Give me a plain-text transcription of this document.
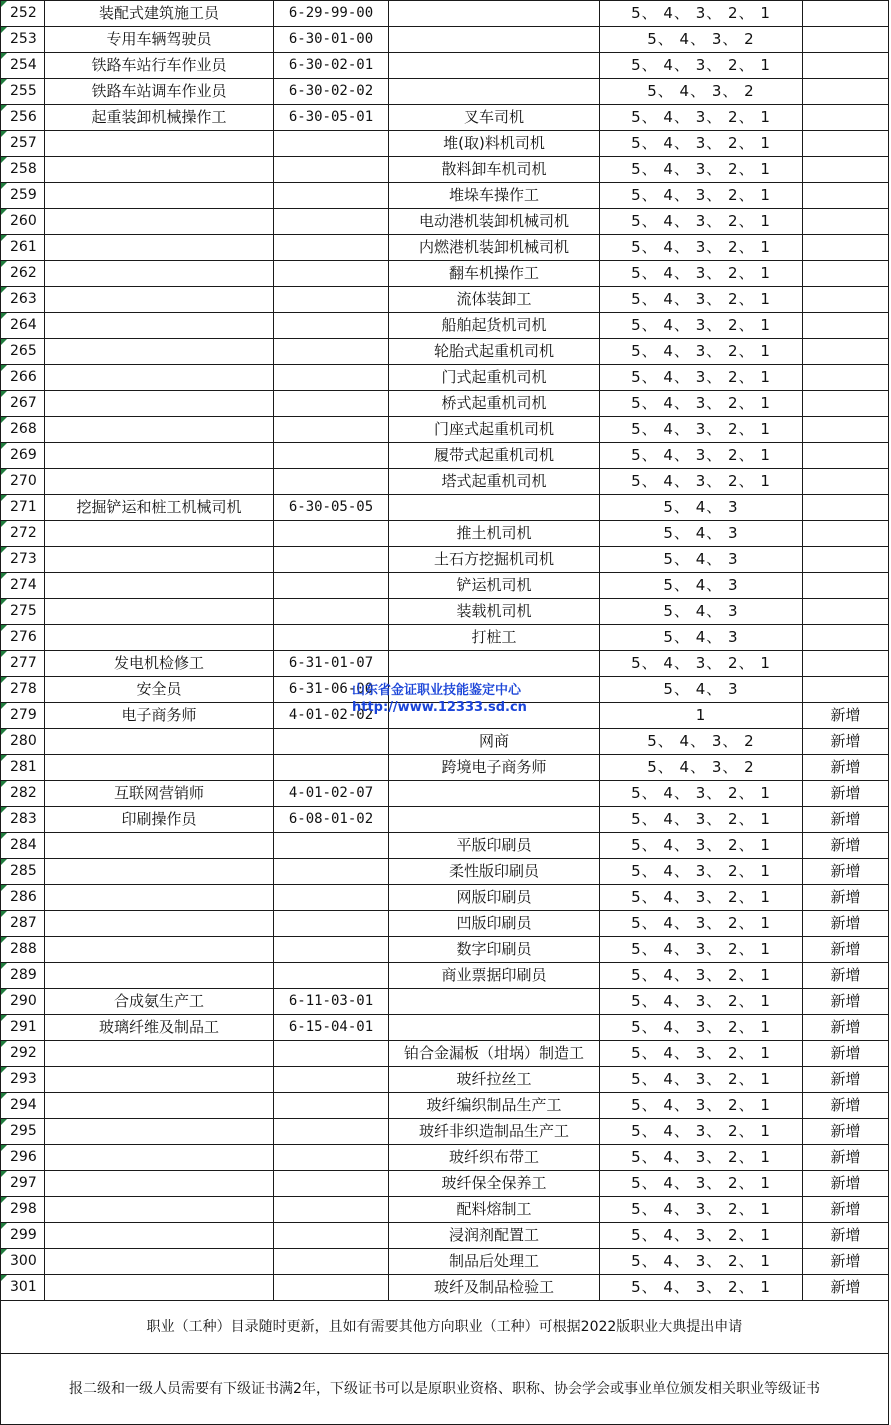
252	装配式建筑施工员	6-29-99-00		5、 4、 3、 2、 1	
253	专用车辆驾驶员	6-30-01-00		5、 4、 3、 2	
254	铁路车站行车作业员	6-30-02-01		5、 4、 3、 2、 1	
255	铁路车站调车作业员	6-30-02-02		5、 4、 3、 2	
256	起重装卸机械操作工	6-30-05-01	叉车司机	5、 4、 3、 2、 1	
257			堆(取)料机司机	5、 4、 3、 2、 1	
258			散料卸车机司机	5、 4、 3、 2、 1	
259			堆垛车操作工	5、 4、 3、 2、 1	
260			电动港机装卸机械司机	5、 4、 3、 2、 1	
261			内燃港机装卸机械司机	5、 4、 3、 2、 1	
262			翻车机操作工	5、 4、 3、 2、 1	
263			流体装卸工	5、 4、 3、 2、 1	
264			船舶起货机司机	5、 4、 3、 2、 1	
265			轮胎式起重机司机	5、 4、 3、 2、 1	
266			门式起重机司机	5、 4、 3、 2、 1	
267			桥式起重机司机	5、 4、 3、 2、 1	
268			门座式起重机司机	5、 4、 3、 2、 1	
269			履带式起重机司机	5、 4、 3、 2、 1	
270			塔式起重机司机	5、 4、 3、 2、 1	
271	挖掘铲运和桩工机械司机	6-30-05-05		5、 4、 3	
272			推土机司机	5、 4、 3	
273			土石方挖掘机司机	5、 4、 3	
274			铲运机司机	5、 4、 3	
275			装载机司机	5、 4、 3	
276			打桩工	5、 4、 3	
277	发电机检修工	6-31-01-07		5、 4、 3、 2、 1	
278	安全员	6-31-06-00		5、 4、 3	
279	电子商务师	4-01-02-02		1	新增
280			网商	5、 4、 3、 2	新增
281			跨境电子商务师	5、 4、 3、 2	新增
282	互联网营销师	4-01-02-07		5、 4、 3、 2、 1	新增
283	印刷操作员	6-08-01-02		5、 4、 3、 2、 1	新增
284			平版印刷员	5、 4、 3、 2、 1	新增
285			柔性版印刷员	5、 4、 3、 2、 1	新增
286			网版印刷员	5、 4、 3、 2、 1	新增
287			凹版印刷员	5、 4、 3、 2、 1	新增
288			数字印刷员	5、 4、 3、 2、 1	新增
289			商业票据印刷员	5、 4、 3、 2、 1	新增
290	合成氨生产工	6-11-03-01		5、 4、 3、 2、 1	新增
291	玻璃纤维及制品工	6-15-04-01		5、 4、 3、 2、 1	新增
292			铂合金漏板（坩埚）制造工	5、 4、 3、 2、 1	新增
293			玻纤拉丝工	5、 4、 3、 2、 1	新增
294			玻纤编织制品生产工	5、 4、 3、 2、 1	新增
295			玻纤非织造制品生产工	5、 4、 3、 2、 1	新增
296			玻纤织布带工	5、 4、 3、 2、 1	新增
297			玻纤保全保养工	5、 4、 3、 2、 1	新增
298			配料熔制工	5、 4、 3、 2、 1	新增
299			浸润剂配置工	5、 4、 3、 2、 1	新增
300			制品后处理工	5、 4、 3、 2、 1	新增
301			玻纤及制品检验工	5、 4、 3、 2、 1	新增
职业（工种）目录随时更新，且如有需要其他方向职业（工种）可根据2022版职业大典提出申请					
报二级和一级人员需要有下级证书满2年，下级证书可以是原职业资格、职称、协会学会或事业单位颁发相关职业等级证书					
山东省金证职业技能鉴定中心
http://www.12333.sd.cn
